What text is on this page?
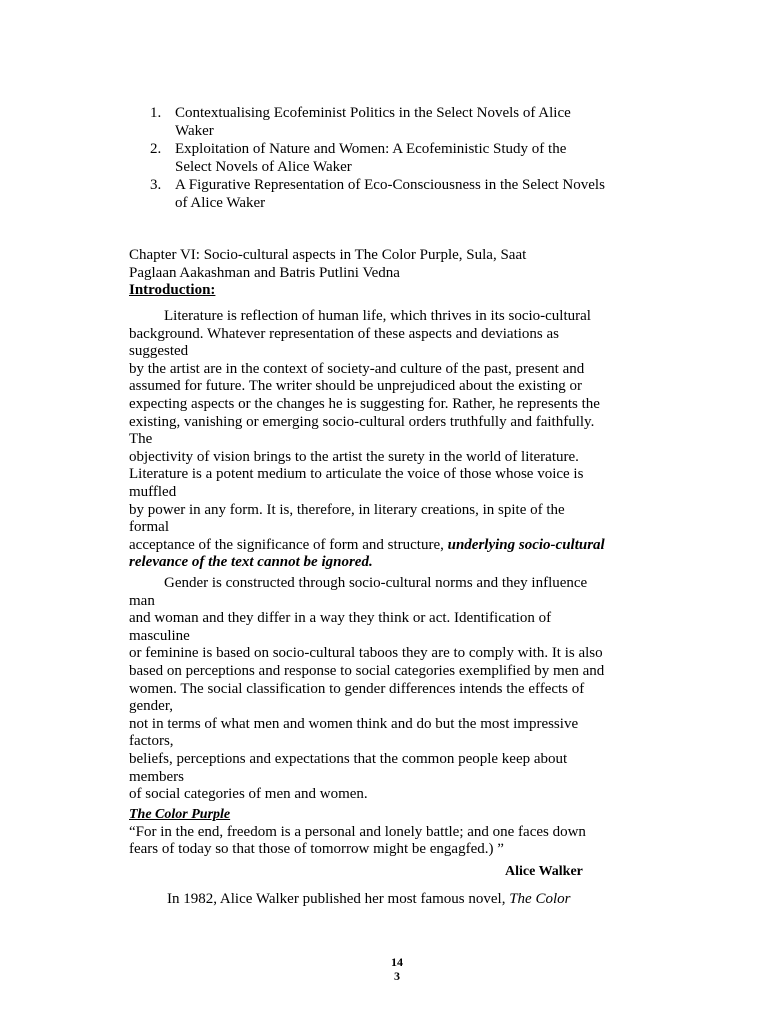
1. Contextualising Ecofeminist Politics in the Select Novels of Alice
Waker
2. Exploitation of Nature and Women: A Ecofeministic Study of the
Select Novels of Alice Waker
3. A Figurative Representation of Eco-Consciousness in the Select Novels
of Alice Waker
Chapter VI: Socio-cultural aspects in The Color Purple, Sula, Saat
Paglaan Aakashman and Batris Putlini Vedna
Introduction:
Literature is reflection of human life, which thrives in its socio-cultural
background. Whatever representation of these aspects and deviations as
suggested
by the artist are in the context of society-and culture of the past, present and
assumed for future. The writer should be unprejudiced about the existing or
expecting aspects or the changes he is suggesting for. Rather, he represents the
existing, vanishing or emerging socio-cultural orders truthfully and faithfully.
The
objectivity of vision brings to the artist the surety in the world of literature.
Literature is a potent medium to articulate the voice of those whose voice is
muffled
by power in any form. It is, therefore, in literary creations, in spite of the
formal
acceptance of the significance of form and structure, underlying socio-cultural
relevance of the text cannot be ignored.
Gender is constructed through socio-cultural norms and they influence
man
and woman and they differ in a way they think or act. Identification of
masculine
or feminine is based on socio-cultural taboos they are to comply with. It is also
based on perceptions and response to social categories exemplified by men and
women. The social classification to gender differences intends the effects of
gender,
not in terms of what men and women think and do but the most impressive
factors,
beliefs, perceptions and expectations that the common people keep about
members
of social categories of men and women.
The Color Purple
“For in the end, freedom is a personal and lonely battle; and one faces down
fears of today so that those of tomorrow might be engagfed.) ”
Alice Walker
In 1982, Alice Walker published her most famous novel, The Color
14
3
